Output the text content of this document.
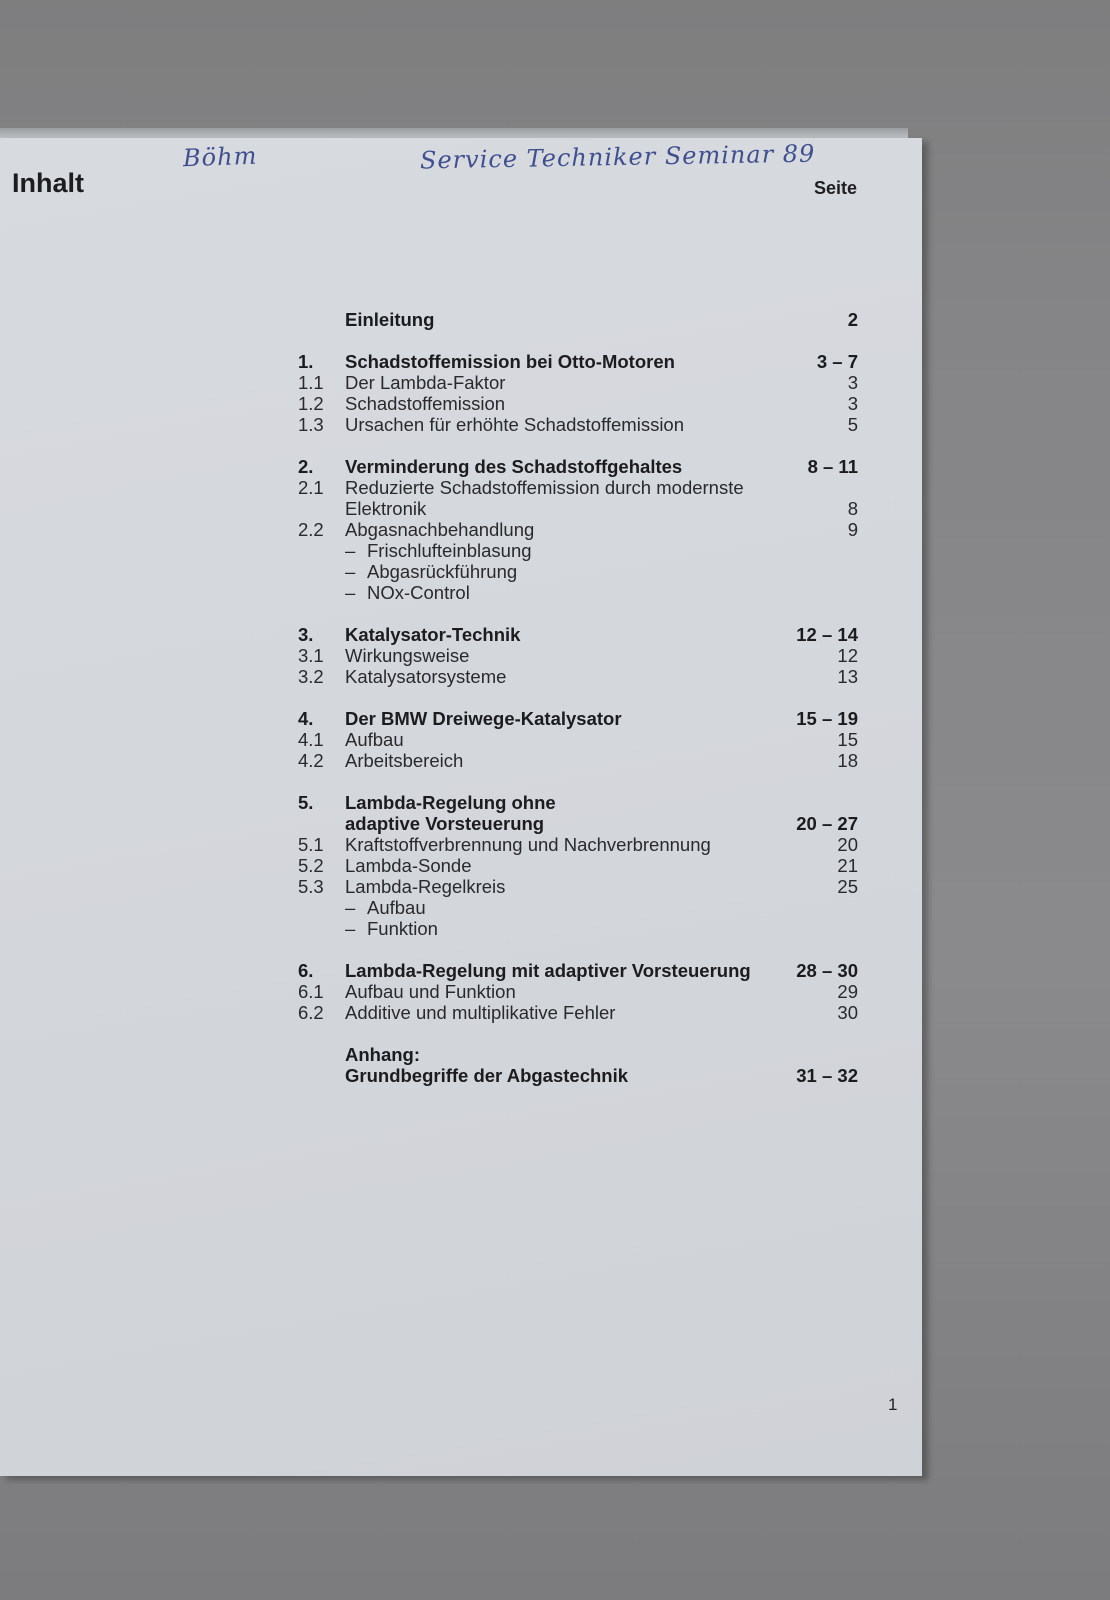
Böhm	Service Techniker Seminar 89
Inhalt	Seite
Einleitung	2
1.	Schadstoffemission bei Otto-Motoren	3 – 7
1.1	Der Lambda-Faktor	3
1.2	Schadstoffemission	3
1.3	Ursachen für erhöhte Schadstoffemission	5
2.	Verminderung des Schadstoffgehaltes	8 – 11
2.1	Reduzierte Schadstoffemission durch modernste
Elektronik	8
2.2	Abgasnachbehandlung	9
– Frischlufteinblasung
– Abgasrückführung
– NOx-Control
3.	Katalysator-Technik	12 – 14
3.1	Wirkungsweise	12
3.2	Katalysatorsysteme	13
4.	Der BMW Dreiwege-Katalysator	15 – 19
4.1	Aufbau	15
4.2	Arbeitsbereich	18
5.	Lambda-Regelung ohne
adaptive Vorsteuerung	20 – 27
5.1	Kraftstoffverbrennung und Nachverbrennung	20
5.2	Lambda-Sonde	21
5.3	Lambda-Regelkreis	25
– Aufbau
– Funktion
6.	Lambda-Regelung mit adaptiver Vorsteuerung 28 – 30
6.1	Aufbau und Funktion	29
6.2	Additive und multiplikative Fehler	30
Anhang:
Grundbegriffe der Abgastechnik	31 – 32
1
